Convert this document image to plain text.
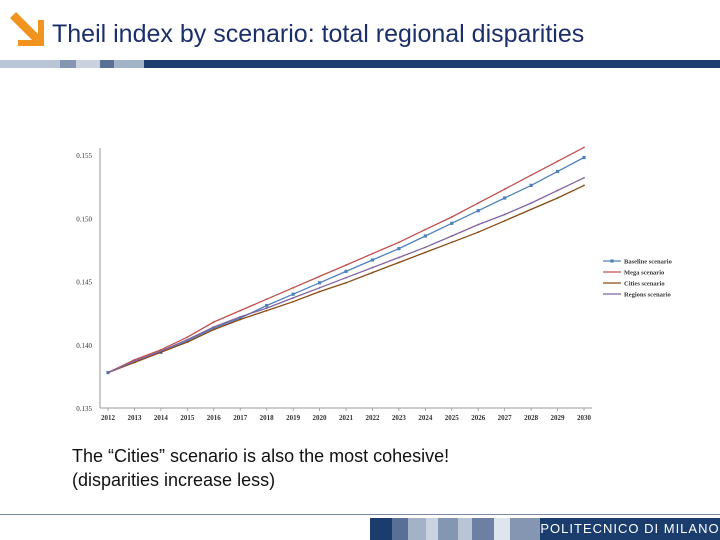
Theil index by scenario: total regional disparities
0.135
0.140
0.145
0.150
0.155
2012 2013 2014 2015 2016 2017 2018 2019 2020 2021 2022 2023 2024 2025 2026 2027 2028 2029 2030
Baseline scenario
Mega scenario
Cities scenario
Regions scenario
The “Cities” scenario is also the most cohesive!
(disparities increase less)
POLITECNICO DI MILANO
